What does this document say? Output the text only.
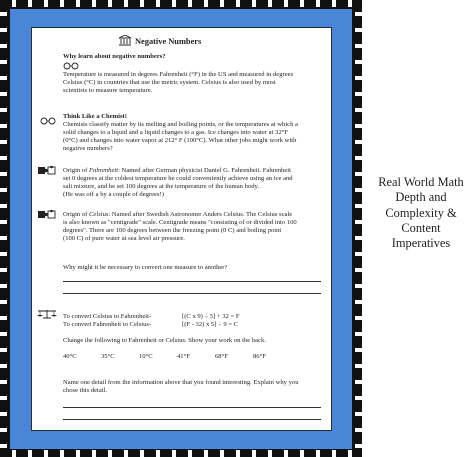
Negative Numbers
Why learn about negative numbers?
Temperature is measured in degrees Fahrenheit (°F) in the US and measured in degrees
Celsius (°C) in countries that use the metric system. Celsius is also used by most
scientists to measure temperature.
Think Like a Chemist!
Chemists classify matter by its melting and boiling points, or the temperatures at which a
solid changes to a liquid and a liquid changes to a gas. Ice changes into water at 32°F
(0°C) and changes into water vapor at 212° F (100°C). What other jobs might work with
negative numbers?
Origin of Fahrenheit: Named after German physicist Daniel G. Fahrenheit. Fahrenheit
set 0 degrees at the coldest temperature he could conveniently achieve using an ice and
salt mixture, and he set 100 degrees at the temperature of the human body.
(He was off a by a couple of degrees!)
Origin of Celsius: Named after Swedish Astronomer Anders Celsius. The Celsius scale
is also known as "centigrade" scale. Centigrade means "consisting of or divided into 100
degrees". There are 100 degrees between the freezing point (0 C) and boiling point
(100 C) of pure water at sea level air pressure.
Why might it be necessary to convert one measure to another?
To convert Celsius to Fahrenheit-	[(C x 9) ÷ 5] + 32 = F
To convert Fahrenheit to Celsius-	[(F - 32) x 5] ÷ 9 = C
Change the following to Fahrenheit or Celsius. Show your work on the back.
40°C	35°C	10°C	41°F	68°F	86°F
Name one detail from the information above that you found interesting. Explain why you
chose this detail.
Real World Math
Depth and
Complexity &
Content
Imperatives
